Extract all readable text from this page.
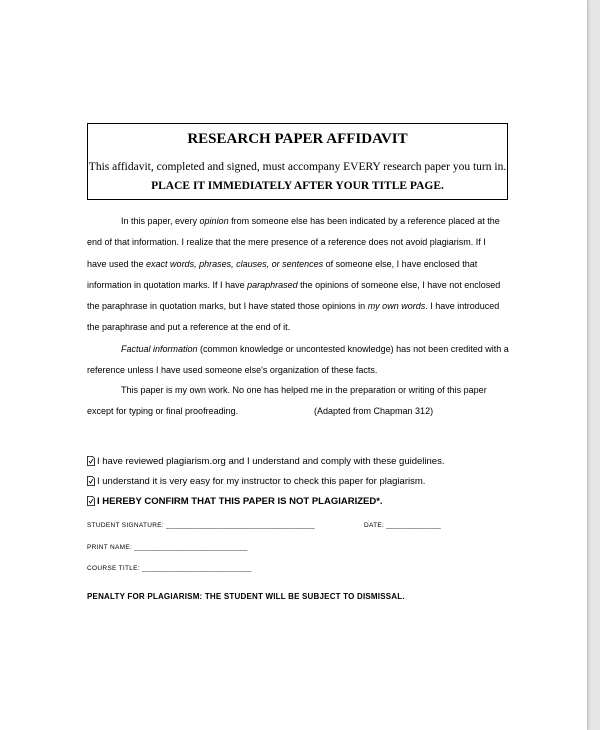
RESEARCH PAPER AFFIDAVIT
This affidavit, completed and signed, must accompany EVERY research paper you turn in.
PLACE IT IMMEDIATELY AFTER YOUR TITLE PAGE.
In this paper, every opinion from someone else has been indicated by a reference placed at the
end of that information. I realize that the mere presence of a reference does not avoid plagiarism. If I
have used the exact words, phrases, clauses, or sentences of someone else, I have enclosed that
information in quotation marks. If I have paraphrased the opinions of someone else, I have not enclosed
the paraphrase in quotation marks, but I have stated those opinions in my own words. I have introduced
the paraphrase and put a reference at the end of it.
Factual information (common knowledge or uncontested knowledge) has not been credited with a
reference unless I have used someone else's organization of these facts.
This paper is my own work. No one has helped me in the preparation or writing of this paper
except for typing or final proofreading.	(Adapted from Chapman 312)
I have reviewed plagiarism.org and I understand and comply with these guidelines.
I understand it is very easy for my instructor to check this paper for plagiarism.
I HEREBY CONFIRM THAT THIS PAPER IS NOT PLAGIARIZED*.
STUDENT SIGNATURE: ______________________________________	DATE: ______________
PRINT NAME: _____________________________
COURSE TITLE: ____________________________
PENALTY FOR PLAGIARISM: THE STUDENT WILL BE SUBJECT TO DISMISSAL.
